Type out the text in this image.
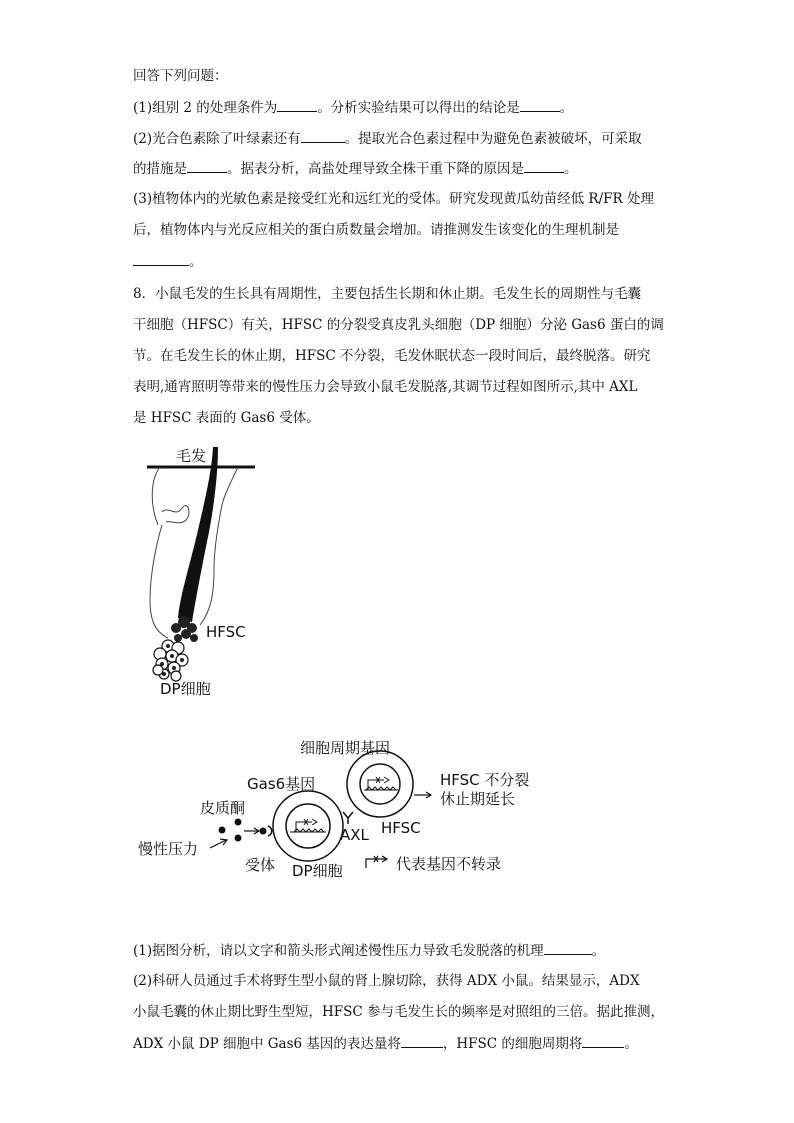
回答下列问题：
(1)组别 2 的处理条件为	。分析实验结果可以得出的结论是	。
(2)光合色素除了叶绿素还有	。提取光合色素过程中为避免色素被破坏，可采取
的措施是	。据表分析，高盐处理导致全株干重下降的原因是	。
(3)植物体内的光敏色素是接受红光和远红光的受体。研究发现黄瓜幼苗经低 R/FR 处理
后，植物体内与光反应相关的蛋白质数量会增加。请推测发生该变化的生理机制是
。
8．小鼠毛发的生长具有周期性，主要包括生长期和休止期。毛发生长的周期性与毛囊
干细胞（HFSC）有关，HFSC 的分裂受真皮乳头细胞（DP 细胞）分泌 Gas6 蛋白的调
节。在毛发生长的休止期，HFSC 不分裂，毛发休眠状态一段时间后，最终脱落。研究
表明,通宵照明等带来的慢性压力会导致小鼠毛发脱落,其调节过程如图所示,其中 AXL
是 HFSC 表面的 Gas6 受体。
毛发
HFSC
DP细胞
细胞周期基因
Gas6基因
皮质酮
慢性压力
受体 DP细胞
AXL HFSC
HFSC 不分裂
休止期延长
代表基因不转录
(1)据图分析，请以文字和箭头形式阐述慢性压力导致毛发脱落的机理	。
(2)科研人员通过手术将野生型小鼠的肾上腺切除，获得 ADX 小鼠。结果显示，ADX
小鼠毛囊的休止期比野生型短，HFSC 参与毛发生长的频率是对照组的三倍。据此推测，
ADX 小鼠 DP 细胞中 Gas6 基因的表达量将	，HFSC 的细胞周期将	。
